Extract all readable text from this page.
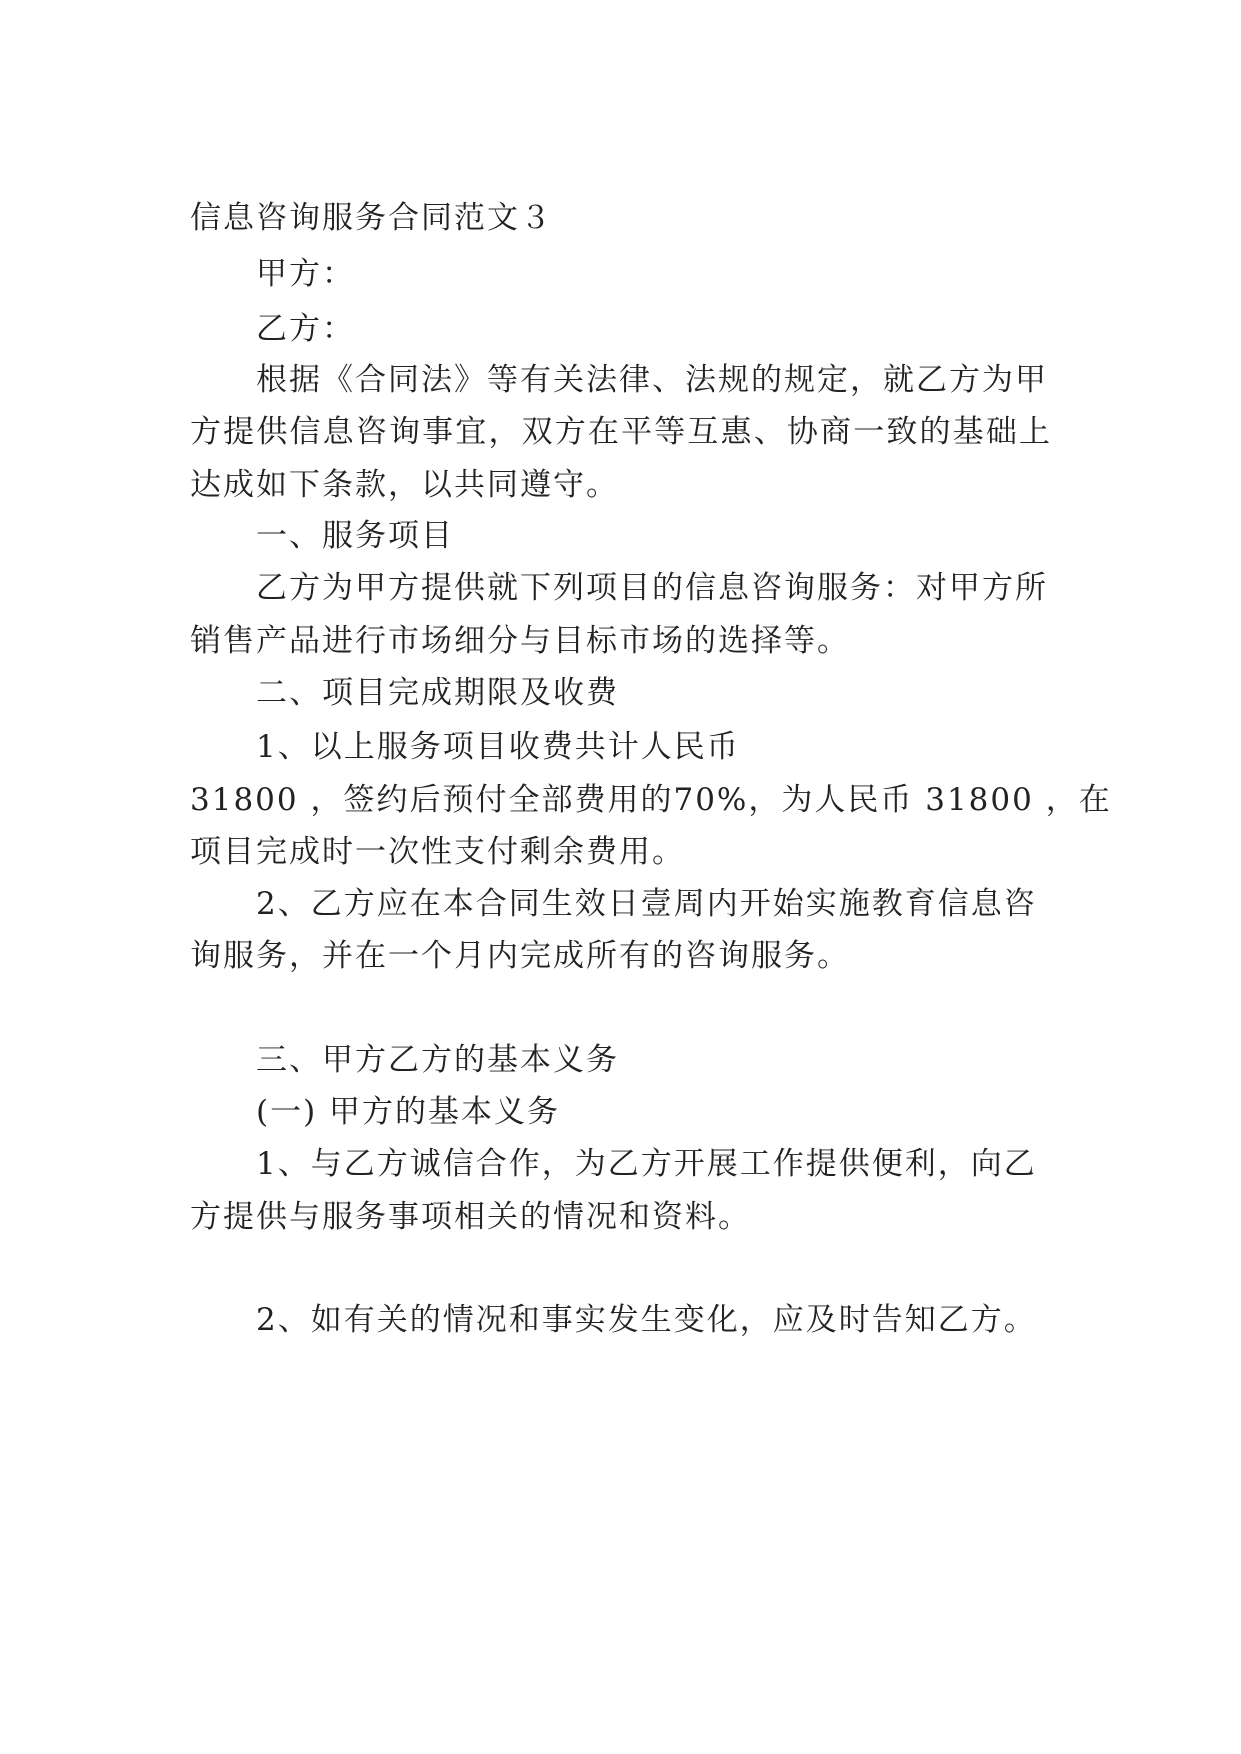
信息咨询服务合同范文３
甲方：
乙方：
根据《合同法》等有关法律、法规的规定，就乙方为甲
方提供信息咨询事宜，双方在平等互惠、协商一致的基础上
达成如下条款，以共同遵守。
一、服务项目
乙方为甲方提供就下列项目的信息咨询服务：对甲方所
销售产品进行市场细分与目标市场的选择等。
二、项目完成期限及收费
1、以上服务项目收费共计人民币
31800 ，签约后预付全部费用的70%，为人民币 31800 ，在
项目完成时一次性支付剩余费用。
2、乙方应在本合同生效日壹周内开始实施教育信息咨
询服务，并在一个月内完成所有的咨询服务。
三、甲方乙方的基本义务
(一) 甲方的基本义务
1、与乙方诚信合作，为乙方开展工作提供便利，向乙
方提供与服务事项相关的情况和资料。
2、如有关的情况和事实发生变化，应及时告知乙方。
